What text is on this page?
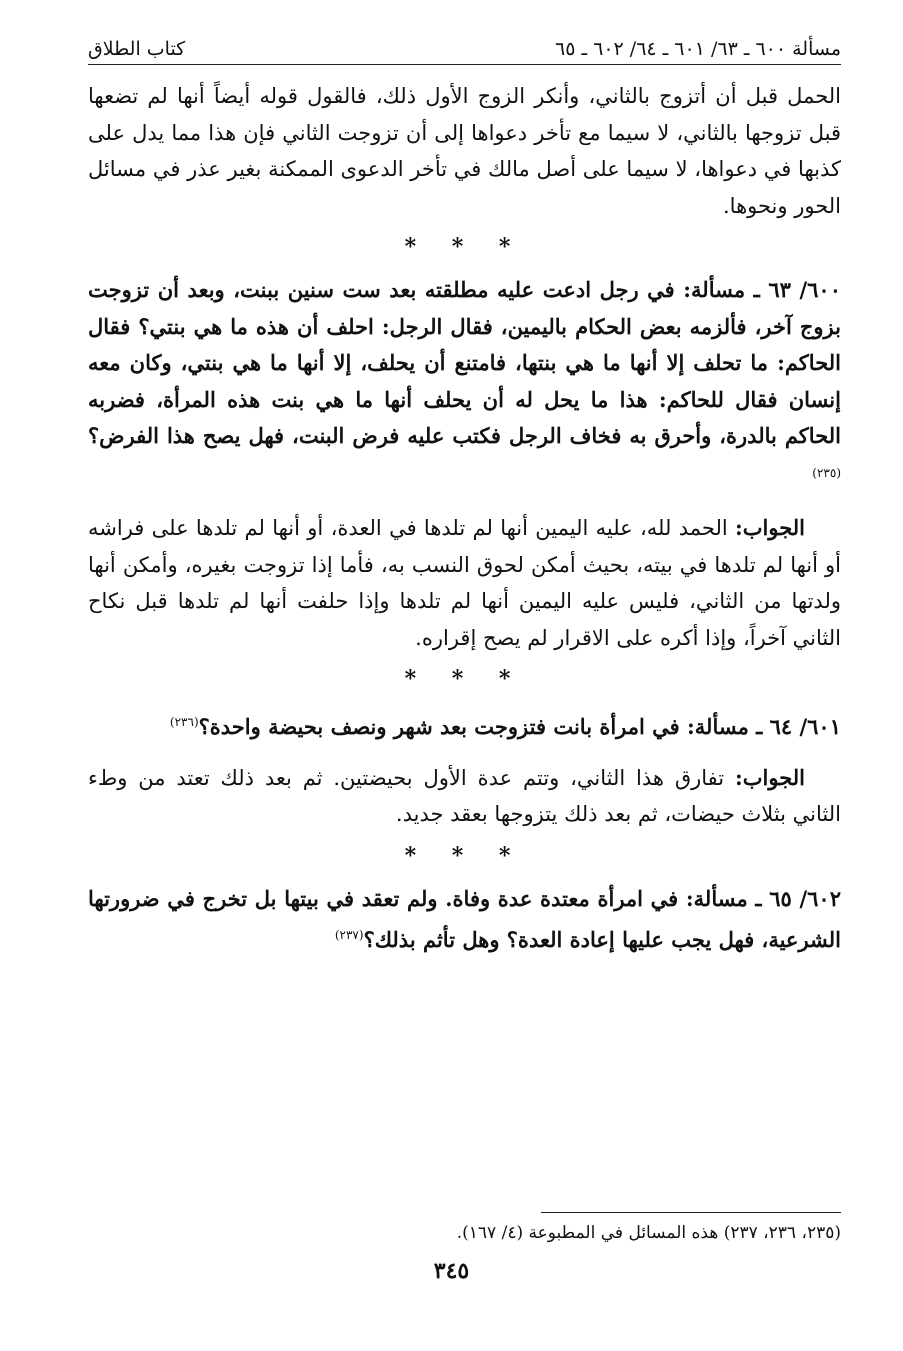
مسألة ٦٠٠ ـ ٦٣/ ٦٠١ ـ ٦٤/ ٦٠٢ ـ ٦٥
كتاب الطلاق

الحمل قبل أن أتزوج بالثاني، وأنكر الزوج الأول ذلك، فالقول قوله أيضاً أنها لم تضعها قبل تزوجها بالثاني، لا سيما مع تأخر دعواها إلى أن تزوجت الثاني فإن هذا مما يدل على كذبها في دعواها، لا سيما على أصل مالك في تأخر الدعوى الممكنة بغير عذر في مسائل الحور ونحوها.

* * *

٦٠٠/ ٦٣ ـ مسألة: في رجل ادعت عليه مطلقته بعد ست سنين ببنت، وبعد أن تزوجت بزوج آخر، فألزمه بعض الحكام باليمين، فقال الرجل: احلف أن هذه ما هي بنتي؟ فقال الحاكم: ما تحلف إلا أنها ما هي بنتها، فامتنع أن يحلف، إلا أنها ما هي بنتي، وكان معه إنسان فقال للحاكم: هذا ما يحل له أن يحلف أنها ما هي بنت هذه المرأة، فضربه الحاكم بالدرة، وأحرق به فخاف الرجل فكتب عليه فرض البنت، فهل يصح هذا الفرض؟$^{(٢٣٥)}$

الجواب: الحمد لله، عليه اليمين أنها لم تلدها في العدة، أو أنها لم تلدها على فراشه أو أنها لم تلدها في بيته، بحيث أمكن لحوق النسب به، فأما إذا تزوجت بغيره، وأمكن أنها ولدتها من الثاني، فليس عليه اليمين أنها لم تلدها وإذا حلفت أنها لم تلدها قبل نكاح الثاني آخراً، وإذا أكره على الاقرار لم يصح إقراره.

* * *

٦٠١/ ٦٤ ـ مسألة: في امرأة بانت فتزوجت بعد شهر ونصف بحيضة واحدة؟$^{(٢٣٦)}$

الجواب: تفارق هذا الثاني، وتتم عدة الأول بحيضتين. ثم بعد ذلك تعتد من وطء الثاني بثلاث حيضات، ثم بعد ذلك يتزوجها بعقد جديد.

* * *

٦٠٢/ ٦٥ ـ مسألة: في امرأة معتدة عدة وفاة. ولم تعقد في بيتها بل تخرج في ضرورتها الشرعية، فهل يجب عليها إعادة العدة؟ وهل تأثم بذلك؟$^{(٢٣٧)}$

(٢٣٥، ٢٣٦، ٢٣٧) هذه المسائل في المطبوعة (٤/ ١٦٧).
٣٤٥
